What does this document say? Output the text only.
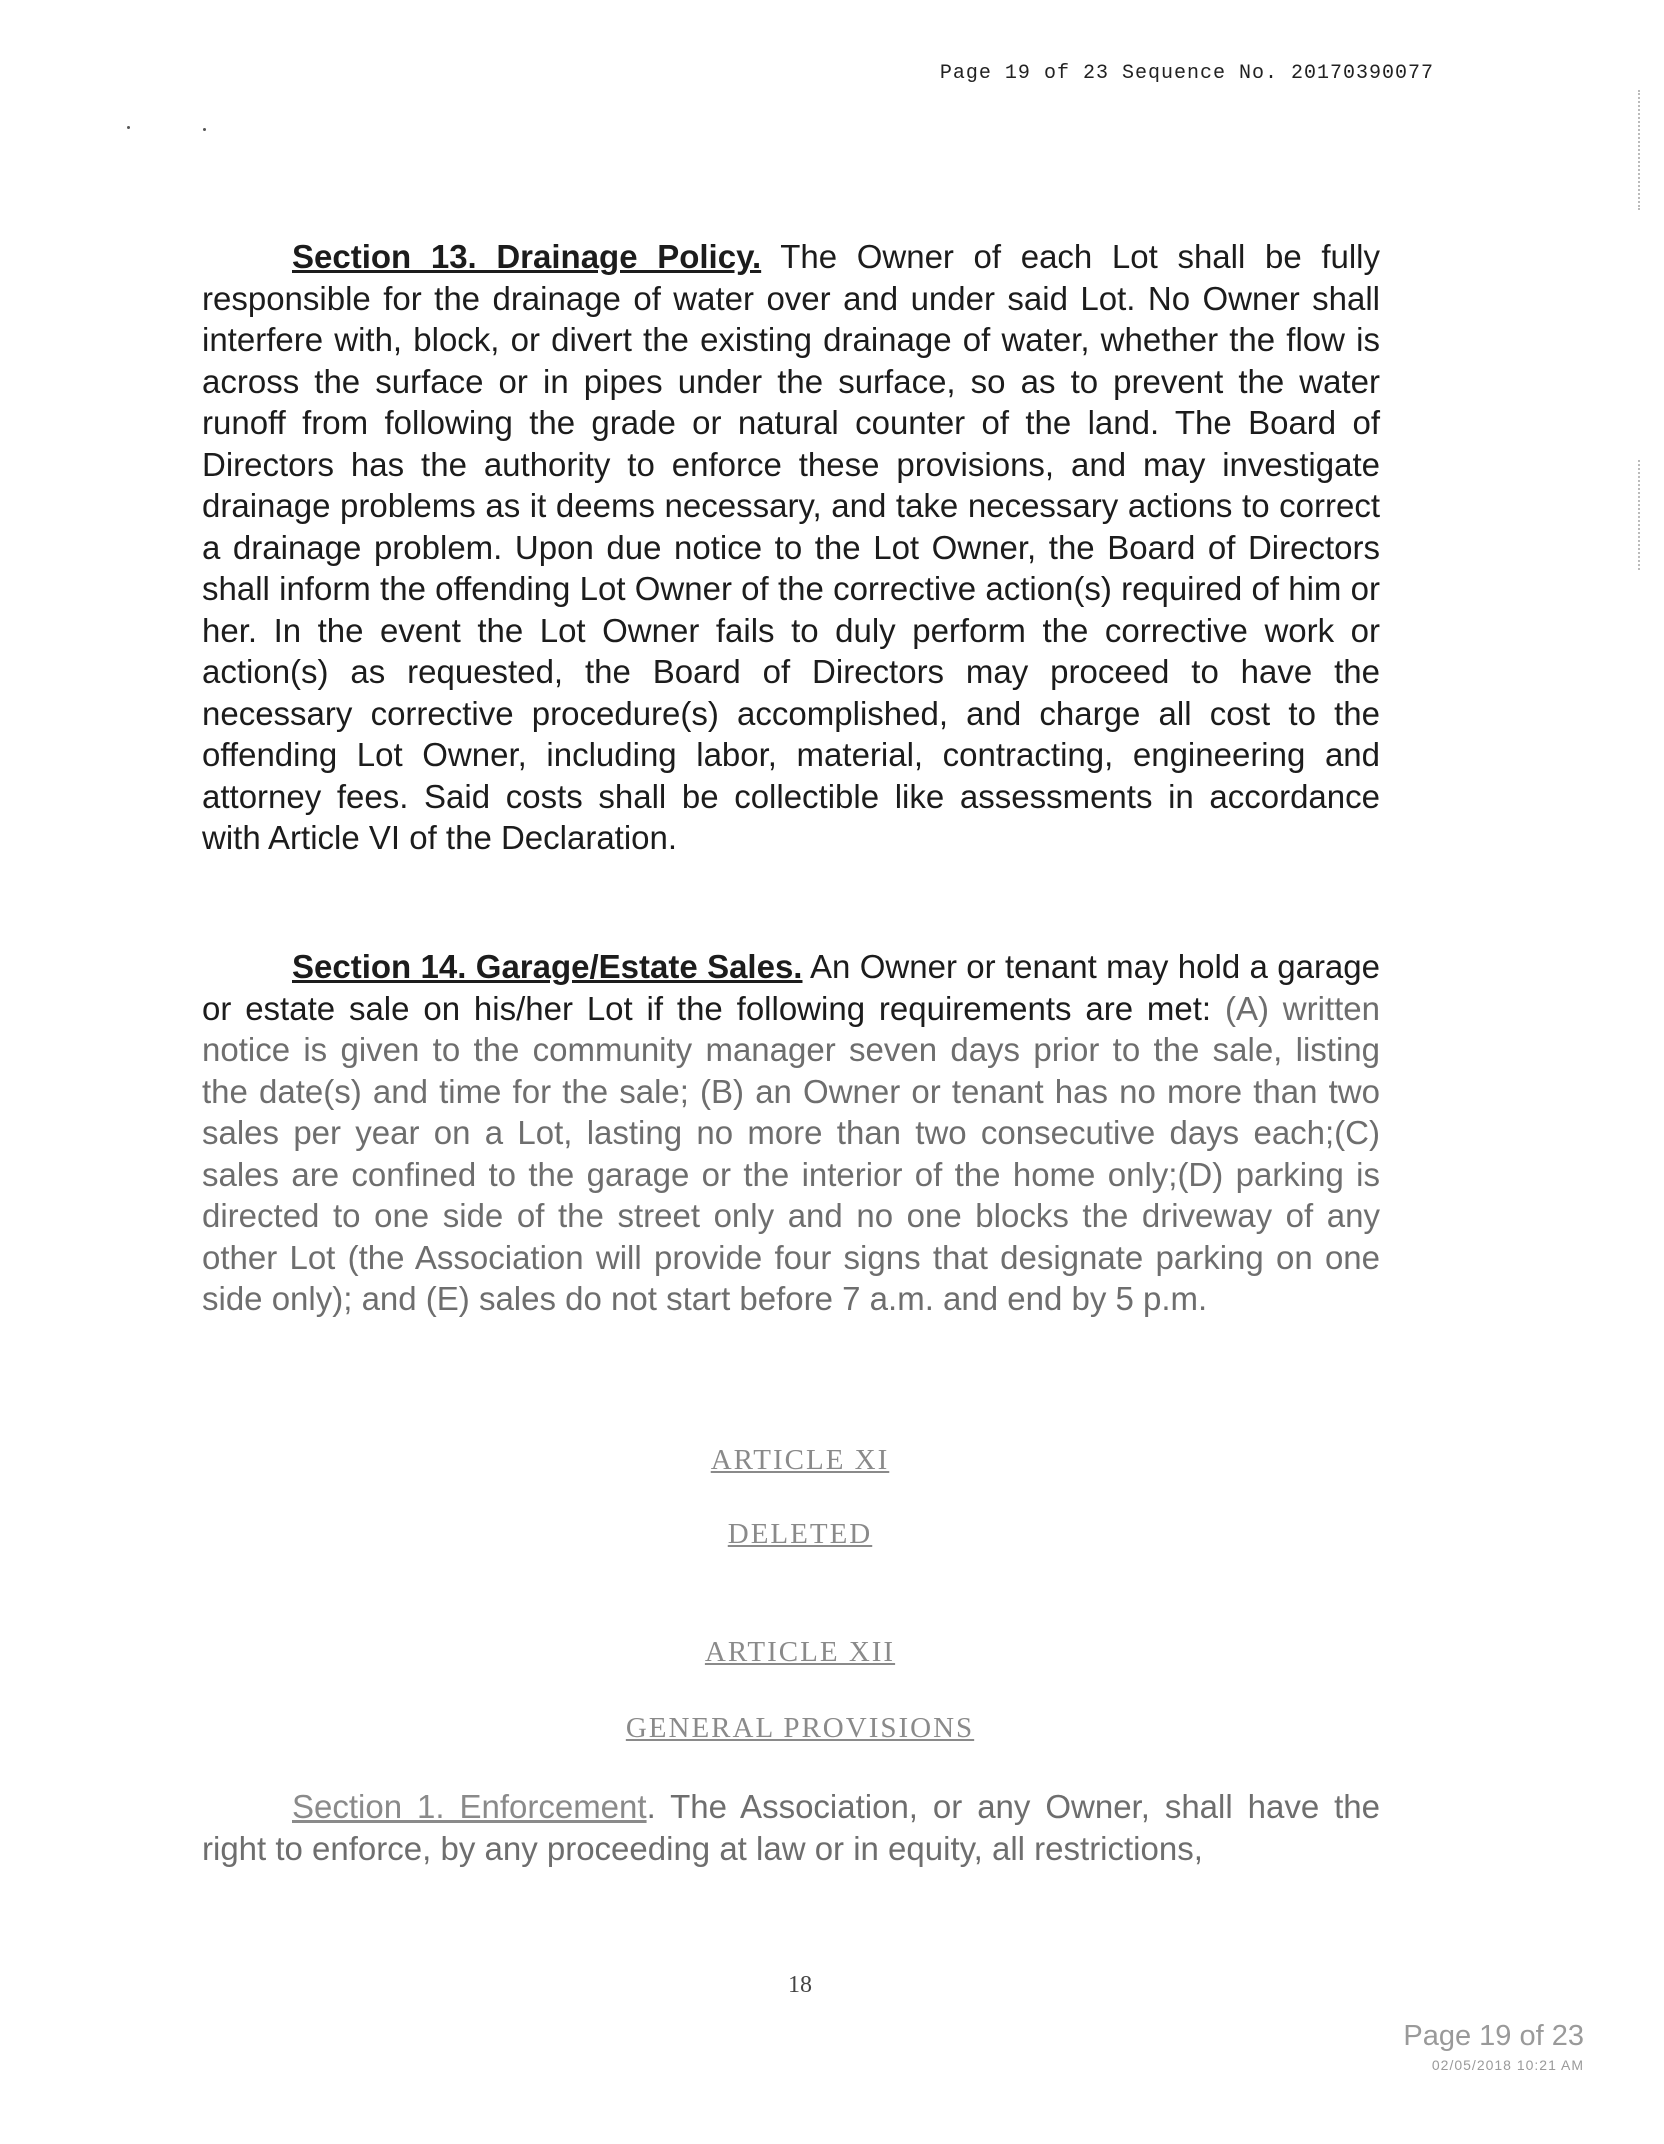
Page 19 of 23 Sequence No. 20170390077

Section 13. Drainage Policy. The Owner of each Lot shall be fully responsible for the drainage of water over and under said Lot. No Owner shall interfere with, block, or divert the existing drainage of water, whether the flow is across the surface or in pipes under the surface, so as to prevent the water runoff from following the grade or natural counter of the land. The Board of Directors has the authority to enforce these provisions, and may investigate drainage problems as it deems necessary, and take necessary actions to correct a drainage problem. Upon due notice to the Lot Owner, the Board of Directors shall inform the offending Lot Owner of the corrective action(s) required of him or her. In the event the Lot Owner fails to duly perform the corrective work or action(s) as requested, the Board of Directors may proceed to have the necessary corrective procedure(s) accomplished, and charge all cost to the offending Lot Owner, including labor, material, contracting, engineering and attorney fees. Said costs shall be collectible like assessments in accordance with Article VI of the Declaration.

Section 14. Garage/Estate Sales. An Owner or tenant may hold a garage or estate sale on his/her Lot if the following requirements are met: (A) written notice is given to the community manager seven days prior to the sale, listing the date(s) and time for the sale; (B) an Owner or tenant has no more than two sales per year on a Lot, lasting no more than two consecutive days each;(C) sales are confined to the garage or the interior of the home only;(D) parking is directed to one side of the street only and no one blocks the driveway of any other Lot (the Association will provide four signs that designate parking on one side only); and (E) sales do not start before 7 a.m. and end by 5 p.m.

ARTICLE XI
DELETED
ARTICLE XII
GENERAL PROVISIONS

Section 1. Enforcement. The Association, or any Owner, shall have the right to enforce, by any proceeding at law or in equity, all restrictions,

18
Page 19 of 23
02/05/2018 10:21 AM
